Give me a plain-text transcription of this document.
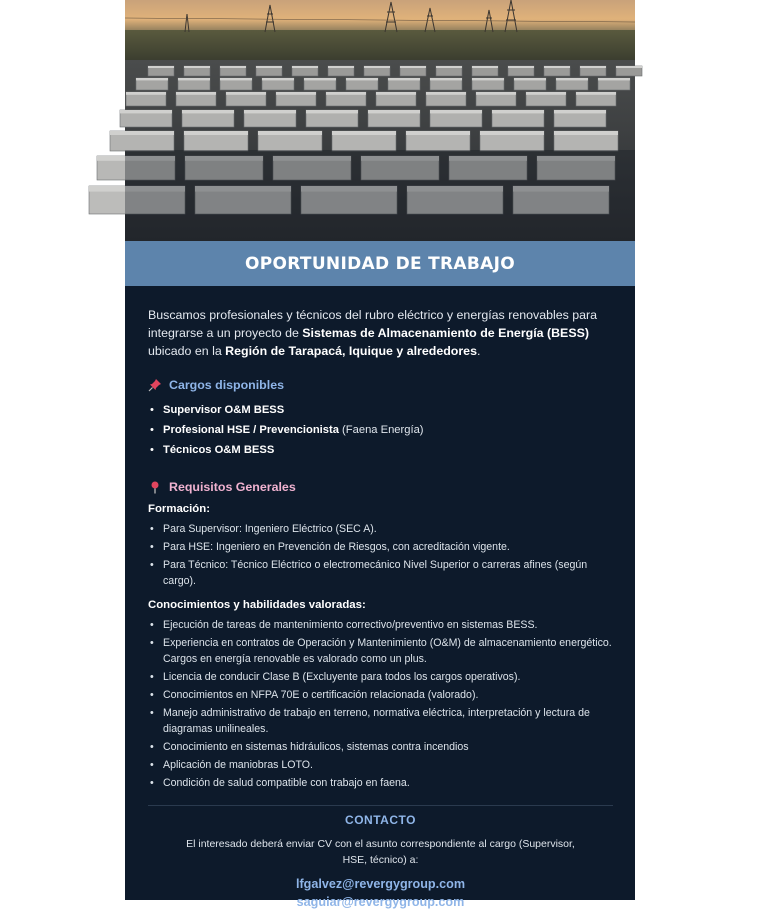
OPORTUNIDAD DE TRABAJO

Buscamos profesionales y técnicos del rubro eléctrico y energías renovables para integrarse a un proyecto de Sistemas de Almacenamiento de Energía (BESS) ubicado en la Región de Tarapacá, Iquique y alrededores.

Cargos disponibles
• Supervisor O&M BESS
• Profesional HSE / Prevencionista (Faena Energía)
• Técnicos O&M BESS
Requisitos Generales
Formación:
• Para Supervisor: Ingeniero Eléctrico (SEC A).
• Para HSE: Ingeniero en Prevención de Riesgos, con acreditación vigente.
• Para Técnico: Técnico Eléctrico o electromecánico Nivel Superior o carreras afines (según cargo).
Conocimientos y habilidades valoradas:
• Ejecución de tareas de mantenimiento correctivo/preventivo en sistemas BESS.
• Experiencia en contratos de Operación y Mantenimiento (O&M) de almacenamiento energético. Cargos en energía renovable es valorado como un plus.
• Licencia de conducir Clase B (Excluyente para todos los cargos operativos).
• Conocimientos en NFPA 70E o certificación relacionada (valorado).
• Manejo administrativo de trabajo en terreno, normativa eléctrica, interpretación y lectura de diagramas unilineales.
• Conocimiento en sistemas hidráulicos, sistemas contra incendios
• Aplicación de maniobras LOTO.
• Condición de salud compatible con trabajo en faena.
CONTACTO

El interesado deberá enviar CV con el asunto correspondiente al cargo (Supervisor, HSE, técnico) a:

lfgalvez@revergygroup.com
saguiar@revergygroup.com
